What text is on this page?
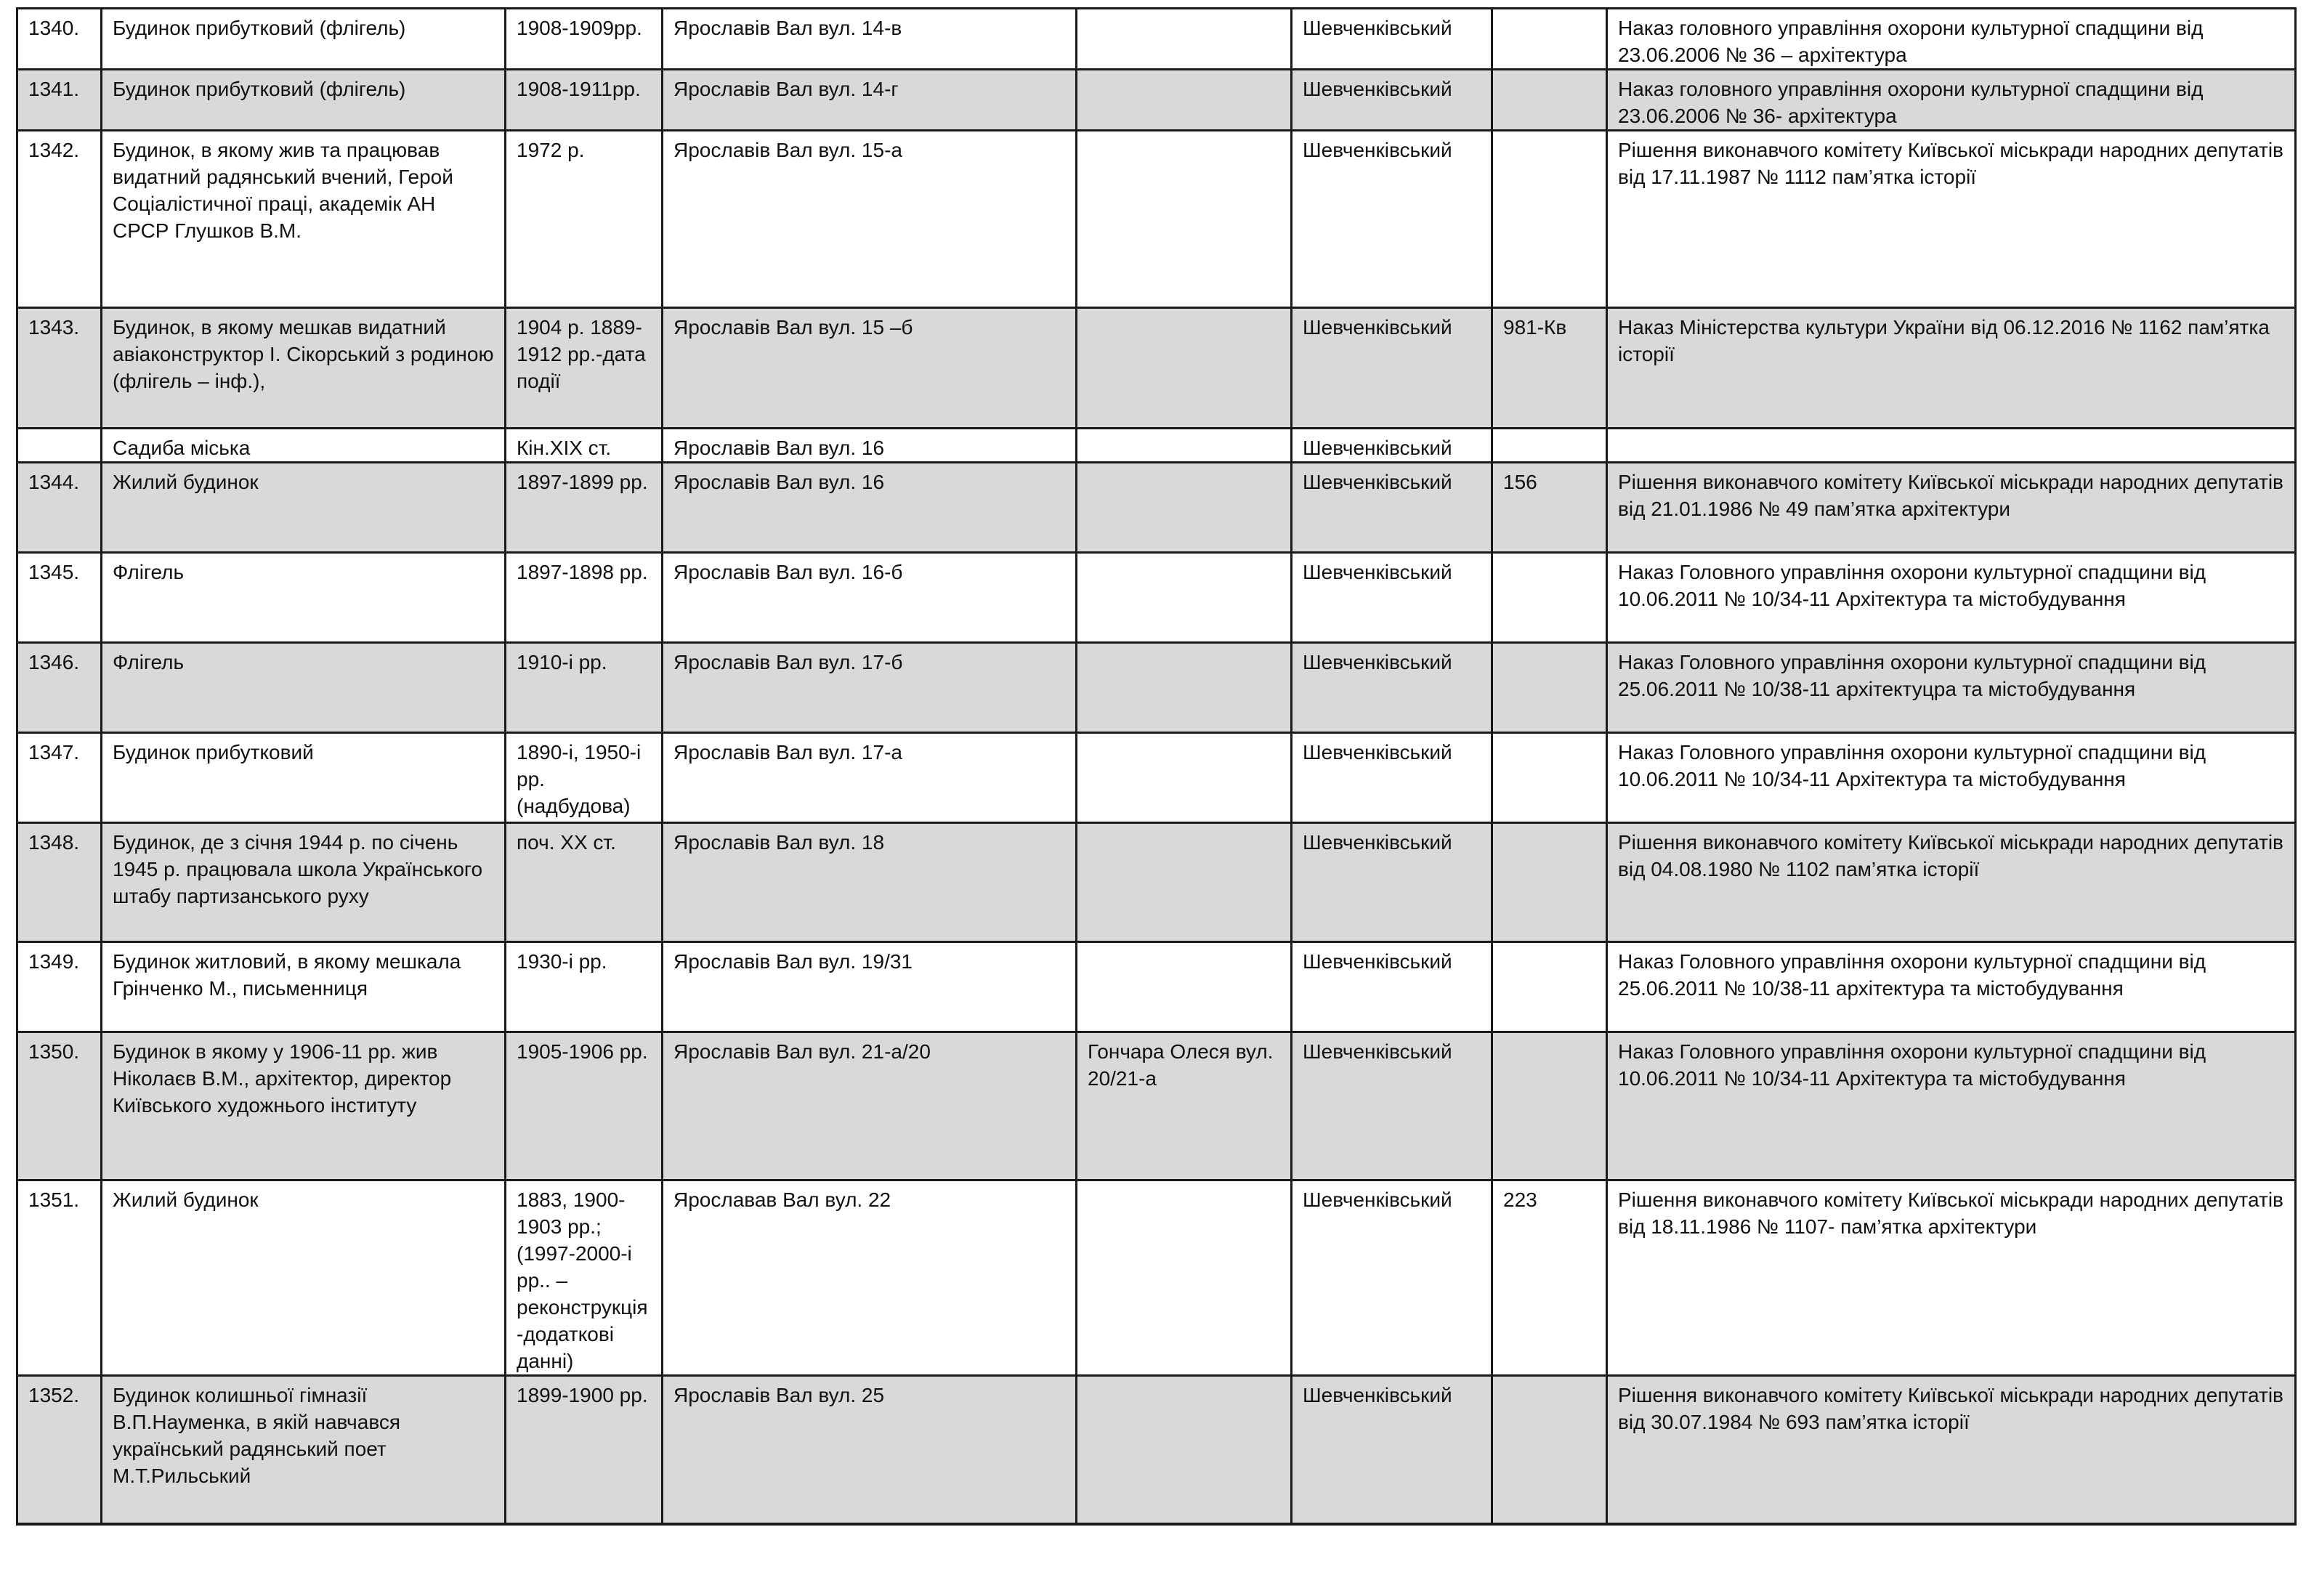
1340.	Будинок прибутковий (флігель)	1908-1909рр.	Ярославів Вал вул. 14-в		Шевченківський		Наказ головного управління охорони культурної спадщини від 23.06.2006 № 36 – архітектура
1341.	Будинок прибутковий (флігель)	1908-1911рр.	Ярославів Вал вул. 14-г		Шевченківський		Наказ головного управління охорони культурної спадщини від 23.06.2006 № 36- архітектура
1342.	Будинок, в якому жив та працював видатний радянський вчений, Герой Соціалістичної праці, академік АН СРСР Глушков В.М.	1972 р.	Ярославів Вал вул. 15-а		Шевченківський		Рішення виконавчого комітету Київської міськради народних депутатів від 17.11.1987 № 1112 пам’ятка історії
1343.	Будинок, в якому мешкав видатний авіаконструктор І. Сікорський з родиною (флігель – інф.),	1904 р. 1889-1912 рр.-дата події	Ярославів Вал вул. 15 –б		Шевченківський	981-Кв	Наказ Міністерства культури України від 06.12.2016 № 1162 пам’ятка історії
	Садиба міська	Кін.ХІХ ст.	Ярославів Вал вул. 16		Шевченківський		
1344.	Жилий будинок	1897-1899 рр.	Ярославів Вал вул. 16		Шевченківський	156	Рішення виконавчого комітету Київської міськради народних депутатів від 21.01.1986 № 49 пам’ятка архітектури
1345.	Флігель	1897-1898 рр.	Ярославів Вал вул. 16-б		Шевченківський		Наказ Головного управління охорони культурної спадщини від 10.06.2011 № 10/34-11 Архітектура та містобудування
1346.	Флігель	1910-і рр.	Ярославів Вал вул. 17-б		Шевченківський		Наказ Головного управління охорони культурної спадщини від 25.06.2011 № 10/38-11 архітектуцра та містобудування
1347.	Будинок прибутковий	1890-і, 1950-і рр. (надбудова)	Ярославів Вал вул. 17-а		Шевченківський		Наказ Головного управління охорони культурної спадщини від 10.06.2011 № 10/34-11 Архітектура та містобудування
1348.	Будинок, де з січня 1944 р. по січень 1945 р. працювала школа Українського штабу партизанського руху	поч. ХХ ст.	Ярославів Вал вул. 18		Шевченківський		Рішення виконавчого комітету Київської міськради народних депутатів від 04.08.1980 № 1102 пам’ятка історії
1349.	Будинок житловий, в якому мешкала Грінченко М., письменниця	1930-і рр.	Ярославів Вал вул. 19/31		Шевченківський		Наказ Головного управління охорони культурної спадщини від 25.06.2011 № 10/38-11 архітектура та містобудування
1350.	Будинок в якому у 1906-11 рр. жив Ніколаєв В.М., архітектор, директор Київського художнього інституту	1905-1906 рр.	Ярославів Вал вул. 21-а/20	Гончара Олеся вул. 20/21-а	Шевченківський		Наказ Головного управління охорони культурної спадщини від 10.06.2011 № 10/34-11 Архітектура та містобудування
1351.	Жилий будинок	1883, 1900-1903 рр.; (1997-2000-і рр.. – реконструкція-додаткові данні)	Ярославав Вал вул. 22		Шевченківський	223	Рішення виконавчого комітету Київської міськради народних депутатів від 18.11.1986 № 1107- пам’ятка архітектури
1352.	Будинок колишньої гімназії В.П.Науменка, в якій навчався український радянський поет М.Т.Рильський	1899-1900 рр.	Ярославів Вал вул. 25		Шевченківський		Рішення виконавчого комітету Київської міськради народних депутатів від 30.07.1984 № 693 пам’ятка історії
